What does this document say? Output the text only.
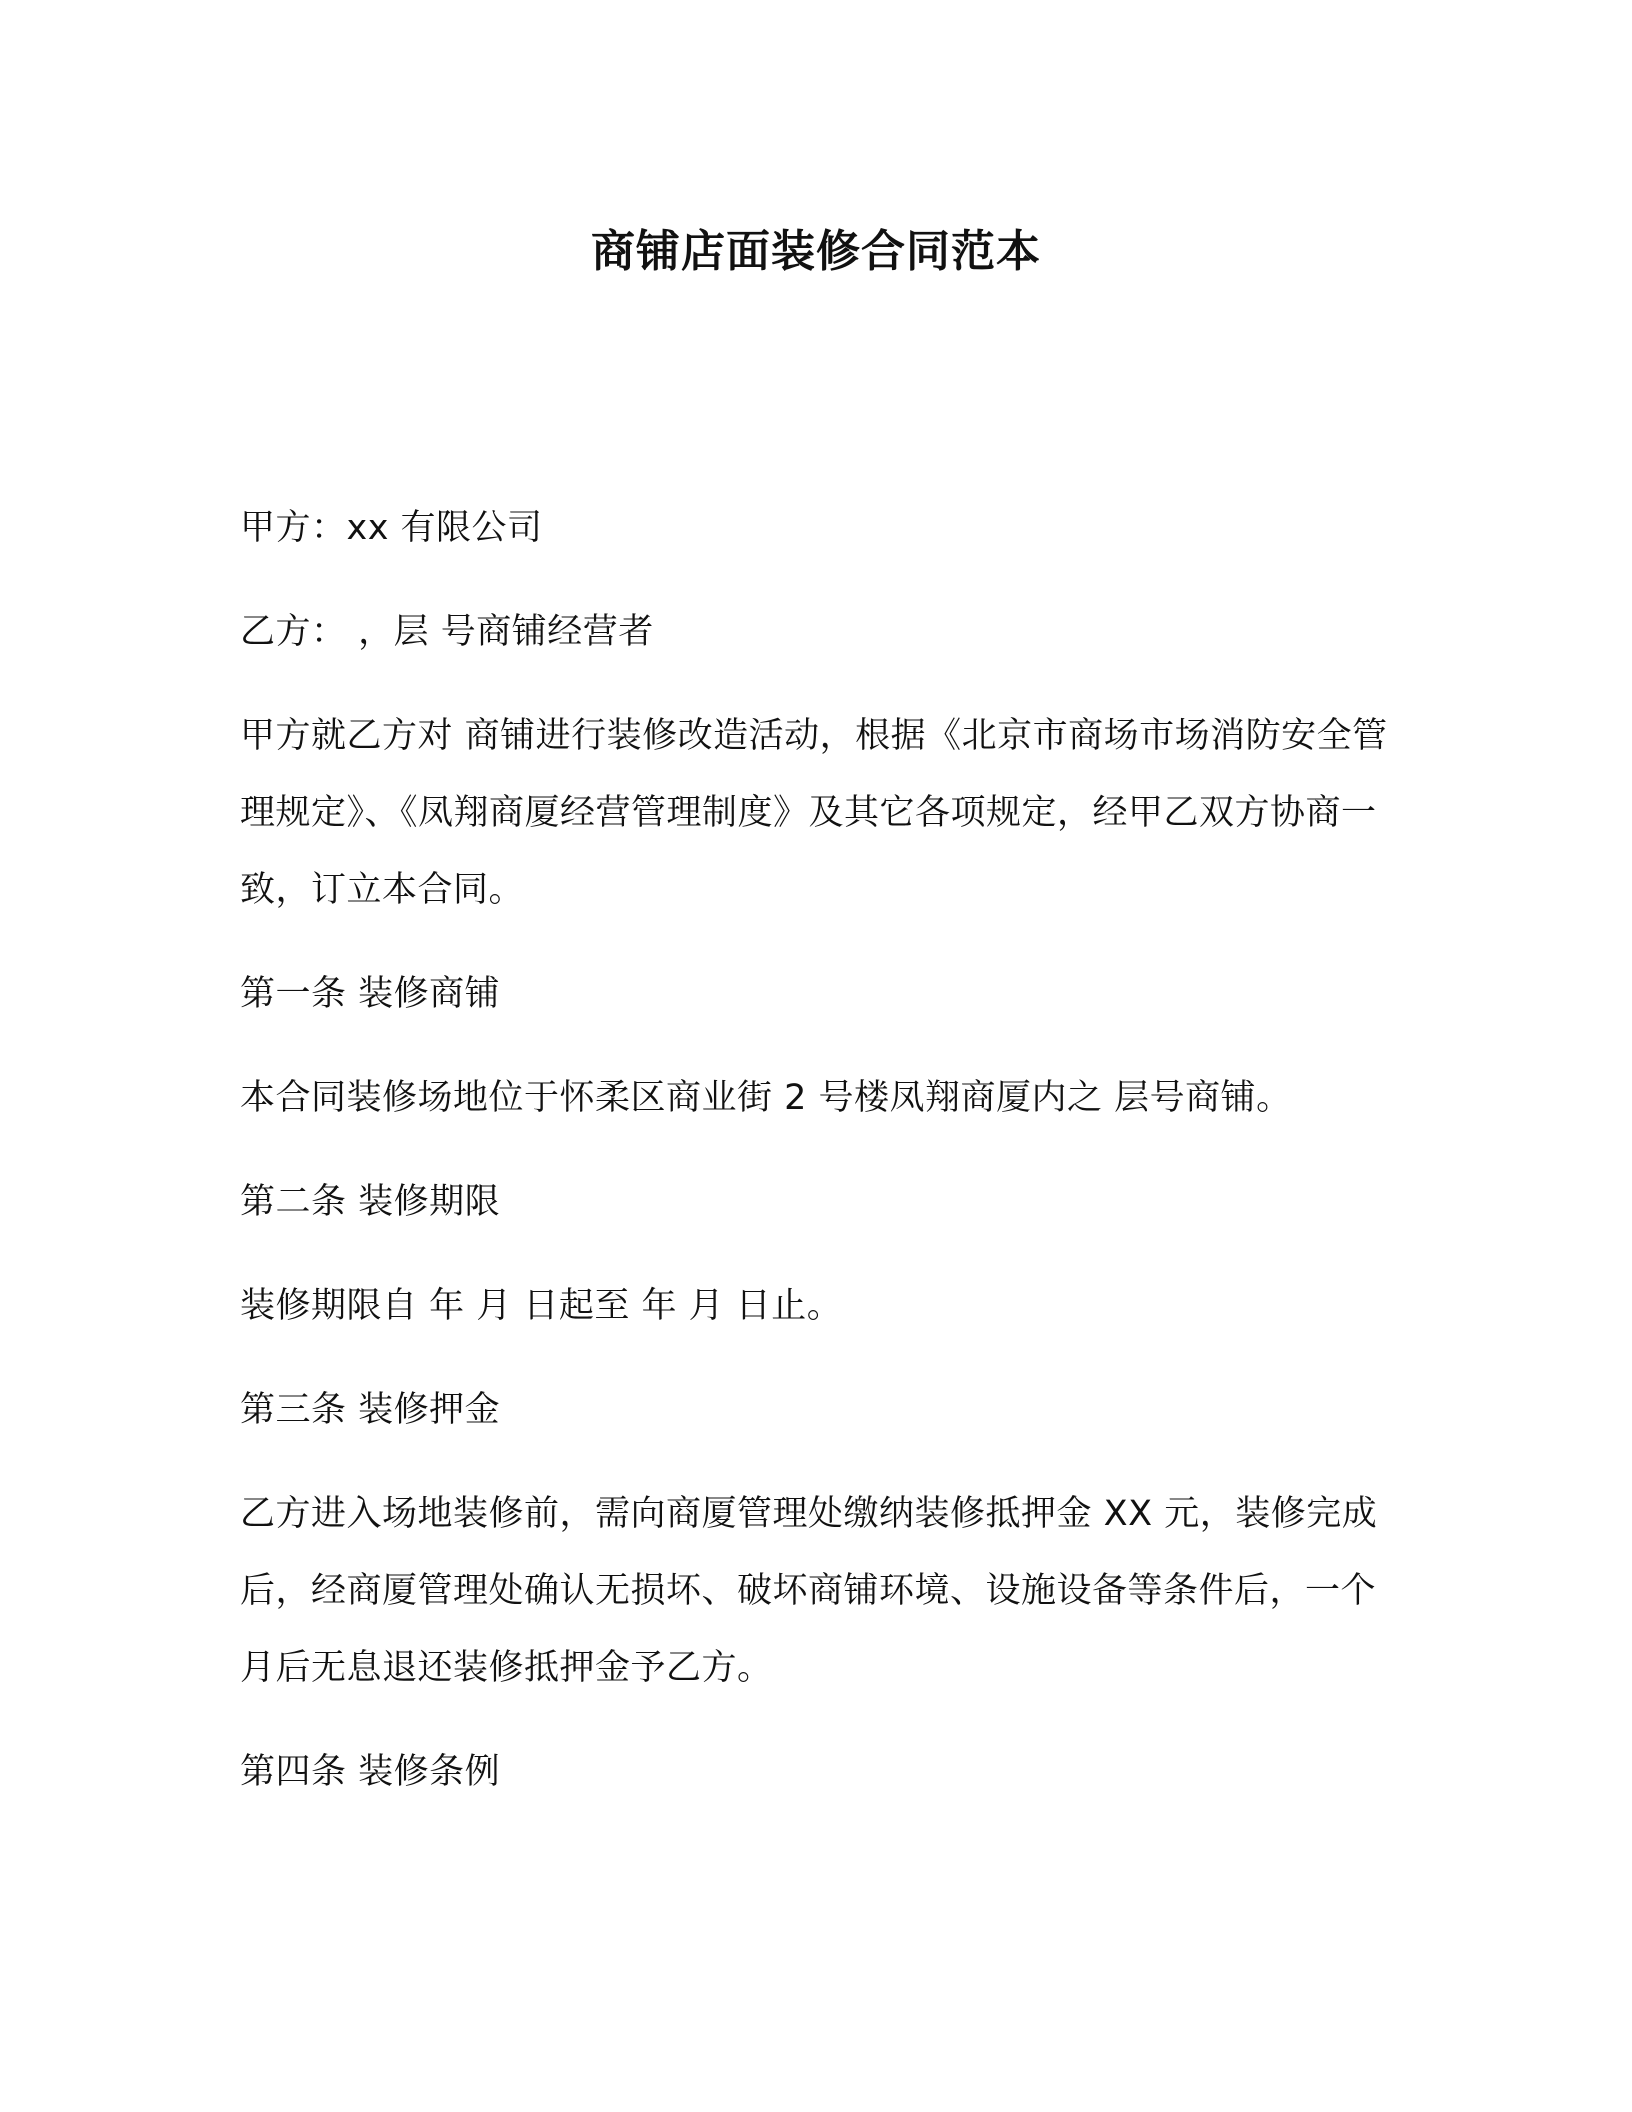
商铺店面装修合同范本

甲方：xx 有限公司

乙方： ，层 号商铺经营者

甲方就乙方对 商铺进行装修改造活动，根据《北京市商场市场消防安全管理规定》、《凤翔商厦经营管理制度》及其它各项规定，经甲乙双方协商一致，订立本合同。

第一条 装修商铺

本合同装修场地位于怀柔区商业街 2 号楼凤翔商厦内之 层号商铺。

第二条 装修期限

装修期限自 年 月 日起至 年 月 日止。

第三条 装修押金

乙方进入场地装修前，需向商厦管理处缴纳装修抵押金 XX 元，装修完成后，经商厦管理处确认无损坏、破坏商铺环境、设施设备等条件后，一个月后无息退还装修抵押金予乙方。

第四条 装修条例
